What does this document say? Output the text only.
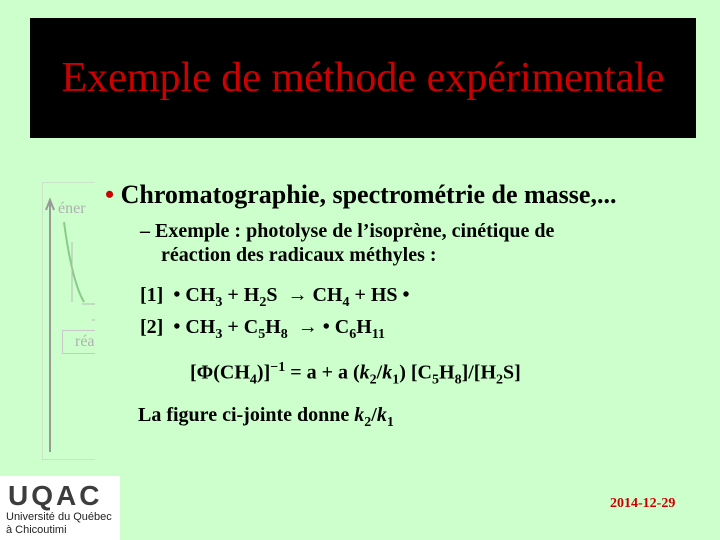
Exemple de méthode expérimentale
éner
réa
• Chromatographie, spectrométrie de masse,...
– Exemple : photolyse de l’isoprène, cinétique de
réaction des radicaux méthyles :
[1] • $CH_3 + H_2S \to CH_4$ + HS •
[2] • $CH_3 + C_5H_8$ → • $C_6H_{11}$
$[\Phi(CH_4)]^{-1} = a + a$ $(k_2/k_1)$ $[C_5H_8]/[H_2S]$
La figure ci-jointe donne $k_2/k_1$
UQAC
Université du Québec
à Chicoutimi
2014-12-29
